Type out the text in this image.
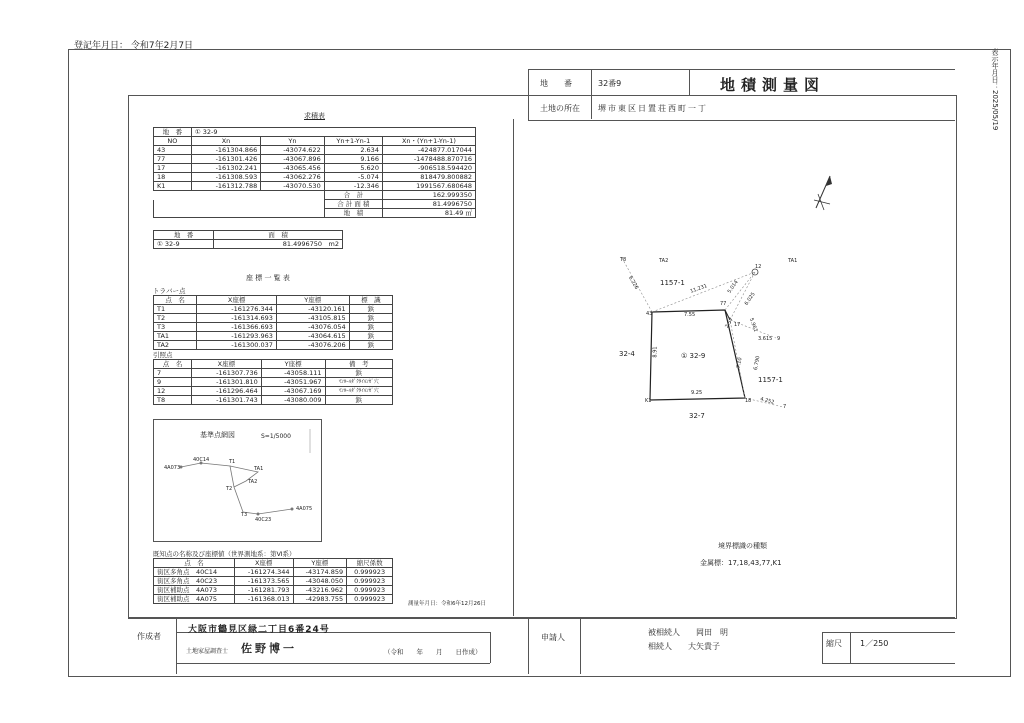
登記年月日： 令和7年2月7日
表示年月日：2025/05/19
地　　番	32番9	地積測量図
土地の所在 堺市東区日置荘西町一丁
求積表
地　番	① 32-9			
NO	Xn	Yn	Yn+1-Yn-1	Xn・(Yn+1-Yn-1)
43	-161304.866	-43074.622	2.634	-424877.017044
77	-161301.426	-43067.896	9.166	-1478488.870716
17	-161302.241	-43065.456	5.620	-906518.594420
18	-161308.593	-43062.276	-5.074	818479.800882
K1	-161312.788	-43070.530	-12.346	1991567.680648
			合　計	162.999350
			合 計 面 積	81.4996750
			地　積	81.49 ㎡
地　番	面　積
① 32-9	81.4996750　m2
座 標 一 覧 表
トラバー点
点　名	X座標	Y座標	標　識
T1	-161276.344	-43120.161	鋲
T2	-161314.693	-43105.815	鋲
T3	-161366.693	-43076.054	鋲
TA1	-161293.963	-43064.615	鋲
TA2	-161300.037	-43076.206	鋲
引照点
点　名	X座標	Y座標	備　考
7	-161307.736	-43058.111	鋲
9	-161301.810	-43051.967	ﾏﾝﾎｰﾙﾀﾞｸﾀｲﾙﾝｶﾞ穴
12	-161296.464	-43067.169	ﾏﾝﾎｰﾙﾀﾞｸﾀｲﾙﾝｶﾞ穴
T8	-161301.743	-43080.009	鋲
基準点網図	S=1/5000
4A073
40C14	T1
TA1
TA2
T2
T3
40C23
4A075
既知点の名称及び座標値（世界測地系：第Ⅵ系）
点　名	X座標	Y座標	縮尺係数
街区多角点　40C14	-161274.344	-43174.859	0.999923
街区多角点　40C23	-161373.565	-43048.050	0.999923
街区補助点　4A073	-161281.793	-43216.962	0.999923
街区補助点　4A075	-161368.013	-42983.755	0.999923
測量年月日：令和6年12月26日
T8	TA2
12
TA1
43
77
17
9
K1	18
7
1157-1
32-4
32-7
1157-1
① 32-9
6.226	11.231	5.014
6.025
7.55
2.57	5.961
3.615
8.91
7.10 6.790
9.25
4.252
境界標識の種類
金属標：17,18,43,77,K1
作成者
大阪市鶴見区緑二丁目6番24号
土地家屋調査士 佐野博一	（令和　　年　　月　　日作成）
申請人
被相続人　　岡田　明
相続人　　大矢貴子	縮尺 1／250
